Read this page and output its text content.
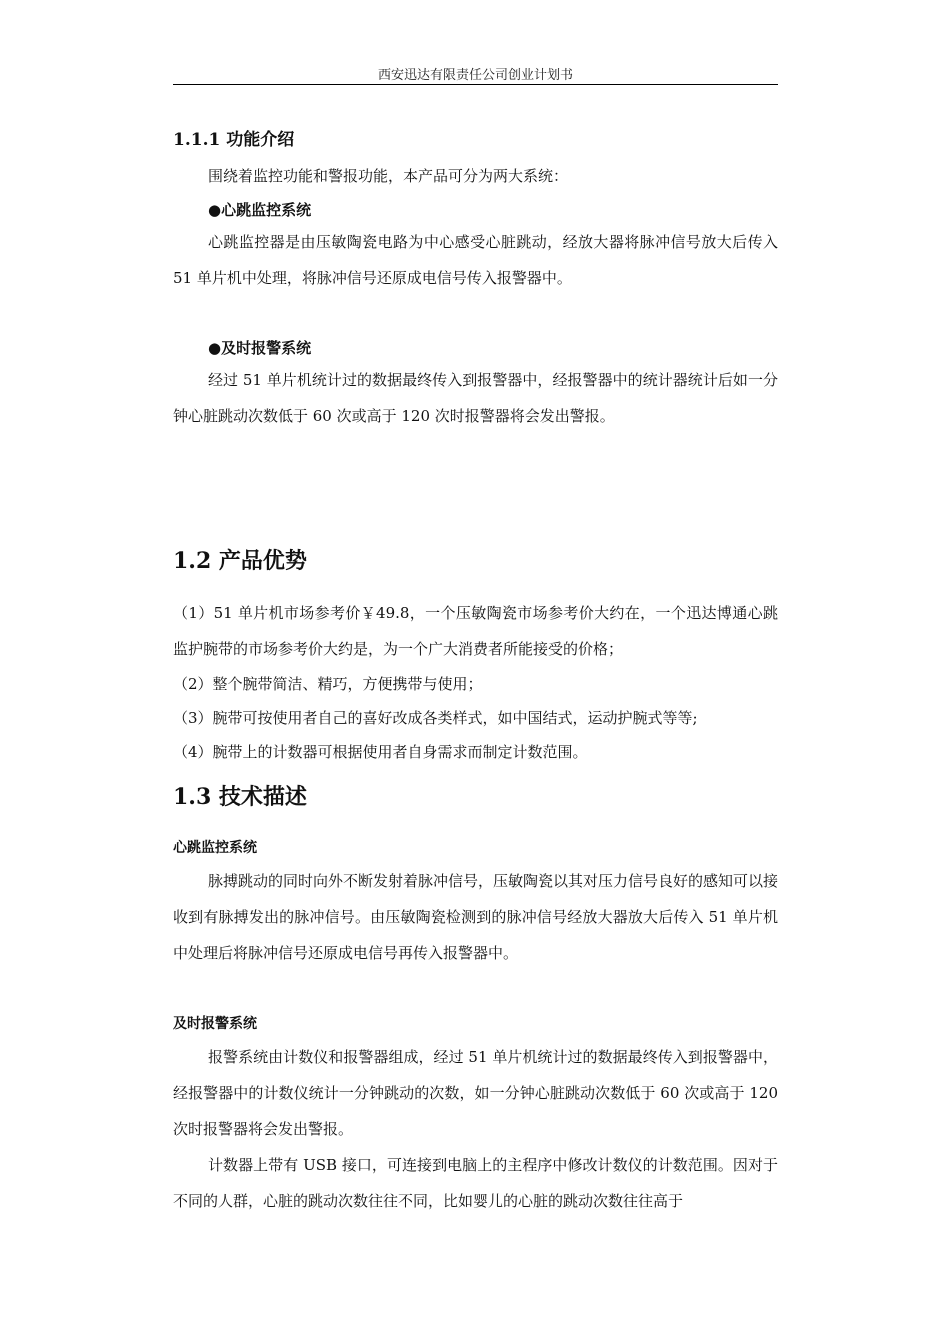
西安迅达有限责任公司创业计划书
1.1.1 功能介绍

围绕着监控功能和警报功能，本产品可分为两大系统：

●心跳监控系统

心跳监控器是由压敏陶瓷电路为中心感受心脏跳动，经放大器将脉冲信号放大后传入 51 单片机中处理，将脉冲信号还原成电信号传入报警器中。

●及时报警系统

经过 51 单片机统计过的数据最终传入到报警器中，经报警器中的统计器统计后如一分钟心脏跳动次数低于 60 次或高于 120 次时报警器将会发出警报。

1.2 产品优势

（1）51 单片机市场参考价￥49.8，一个压敏陶瓷市场参考价大约在，一个迅达博通心跳监护腕带的市场参考价大约是，为一个广大消费者所能接受的价格；

（2）整个腕带简洁、精巧，方便携带与使用；

（3）腕带可按使用者自己的喜好改成各类样式，如中国结式，运动护腕式等等;

（4）腕带上的计数器可根据使用者自身需求而制定计数范围。

1.3 技术描述
心跳监控系统

脉搏跳动的同时向外不断发射着脉冲信号，压敏陶瓷以其对压力信号良好的感知可以接收到有脉搏发出的脉冲信号。由压敏陶瓷检测到的脉冲信号经放大器放大后传入 51 单片机中处理后将脉冲信号还原成电信号再传入报警器中。

及时报警系统

报警系统由计数仪和报警器组成，经过 51 单片机统计过的数据最终传入到报警器中，经报警器中的计数仪统计一分钟跳动的次数，如一分钟心脏跳动次数低于 60 次或高于 120 次时报警器将会发出警报。

计数器上带有 USB 接口，可连接到电脑上的主程序中修改计数仪的计数范围。因对于不同的人群，心脏的跳动次数往往不同，比如婴儿的心脏的跳动次数往往高于
